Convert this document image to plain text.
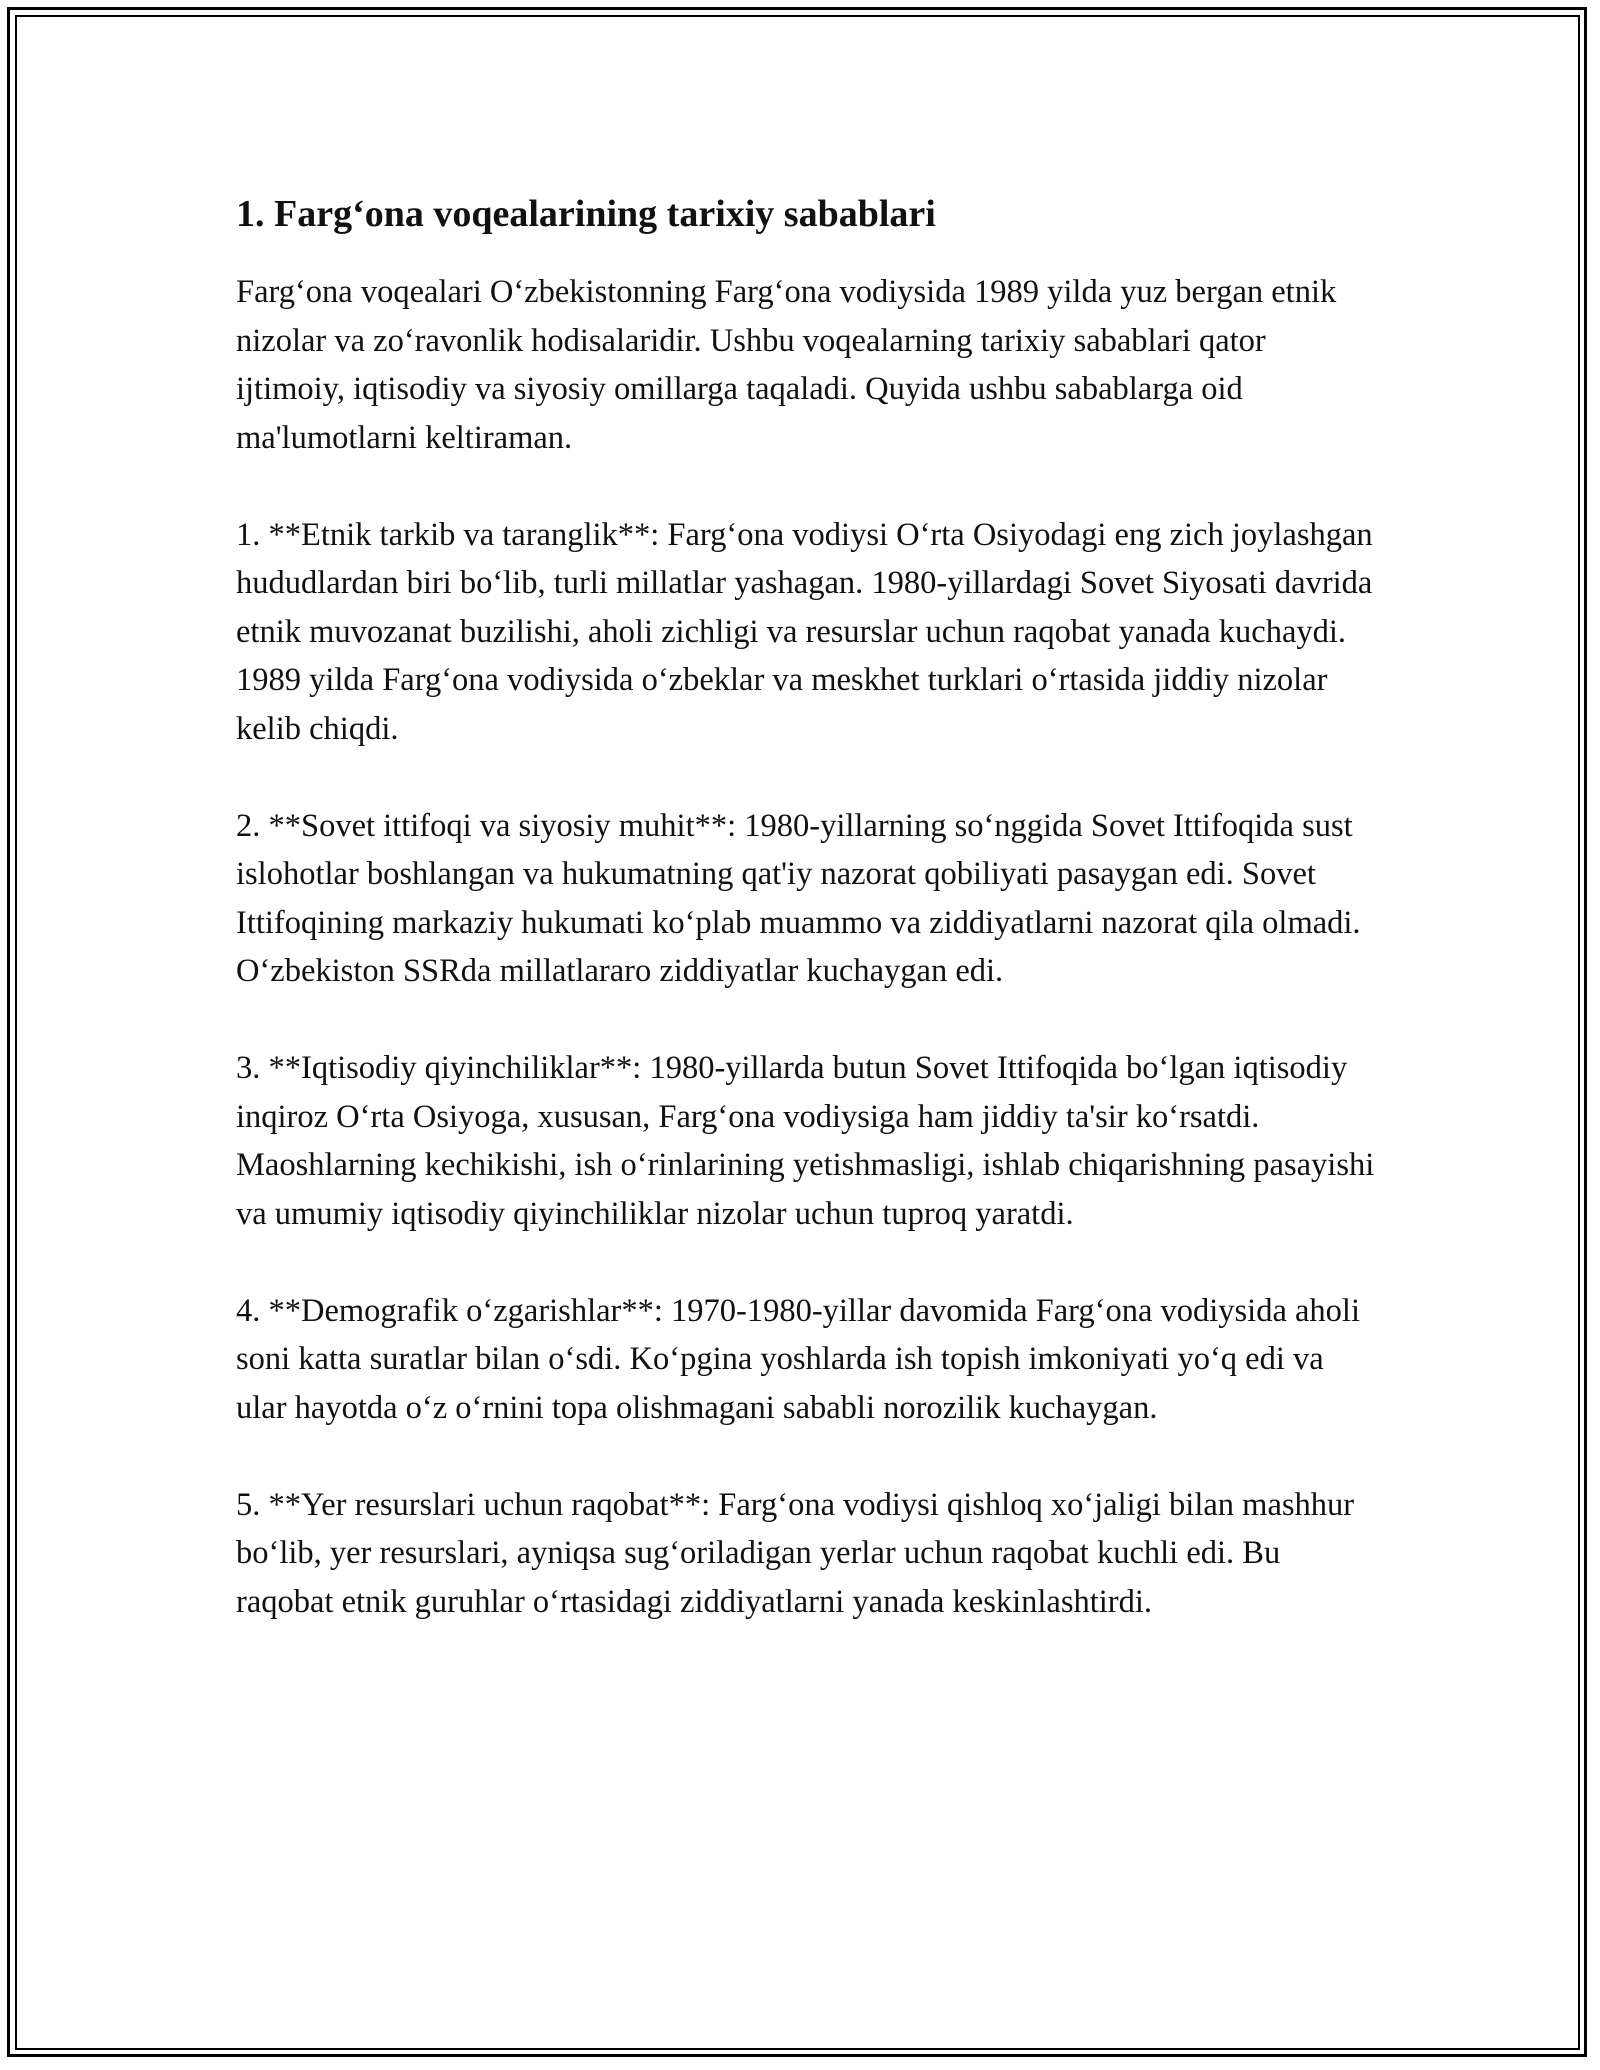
1. Farg‘ona voqealarining tarixiy sabablari

Farg‘ona voqealari O‘zbekistonning Farg‘ona vodiysida 1989 yilda yuz bergan etnik nizolar va zo‘ravonlik hodisalaridir. Ushbu voqealarning tarixiy sabablari qator ijtimoiy, iqtisodiy va siyosiy omillarga taqaladi. Quyida ushbu sabablarga oid ma'lumotlarni keltiraman.

1. **Etnik tarkib va taranglik**: Farg‘ona vodiysi O‘rta Osiyodagi eng zich joylashgan hududlardan biri bo‘lib, turli millatlar yashagan. 1980-yillardagi Sovet Siyosati davrida etnik muvozanat buzilishi, aholi zichligi va resurslar uchun raqobat yanada kuchaydi. 1989 yilda Farg‘ona vodiysida o‘zbeklar va meskhet turklari o‘rtasida jiddiy nizolar kelib chiqdi.

2. **Sovet ittifoqi va siyosiy muhit**: 1980-yillarning so‘nggida Sovet Ittifoqida sust islohotlar boshlangan va hukumatning qat'iy nazorat qobiliyati pasaygan edi. Sovet Ittifoqining markaziy hukumati ko‘plab muammo va ziddiyatlarni nazorat qila olmadi. O‘zbekiston SSRda millatlararo ziddiyatlar kuchaygan edi.

3. **Iqtisodiy qiyinchiliklar**: 1980-yillarda butun Sovet Ittifoqida bo‘lgan iqtisodiy inqiroz O‘rta Osiyoga, xususan, Farg‘ona vodiysiga ham jiddiy ta'sir ko‘rsatdi. Maoshlarning kechikishi, ish o‘rinlarining yetishmasligi, ishlab chiqarishning pasayishi va umumiy iqtisodiy qiyinchiliklar nizolar uchun tuproq yaratdi.

4. **Demografik o‘zgarishlar**: 1970-1980-yillar davomida Farg‘ona vodiysida aholi soni katta suratlar bilan o‘sdi. Ko‘pgina yoshlarda ish topish imkoniyati yo‘q edi va ular hayotda o‘z o‘rnini topa olishmagani sababli norozilik kuchaygan.

5. **Yer resurslari uchun raqobat**: Farg‘ona vodiysi qishloq xo‘jaligi bilan mashhur bo‘lib, yer resurslari, ayniqsa sug‘oriladigan yerlar uchun raqobat kuchli edi. Bu raqobat etnik guruhlar o‘rtasidagi ziddiyatlarni yanada keskinlashtirdi.
